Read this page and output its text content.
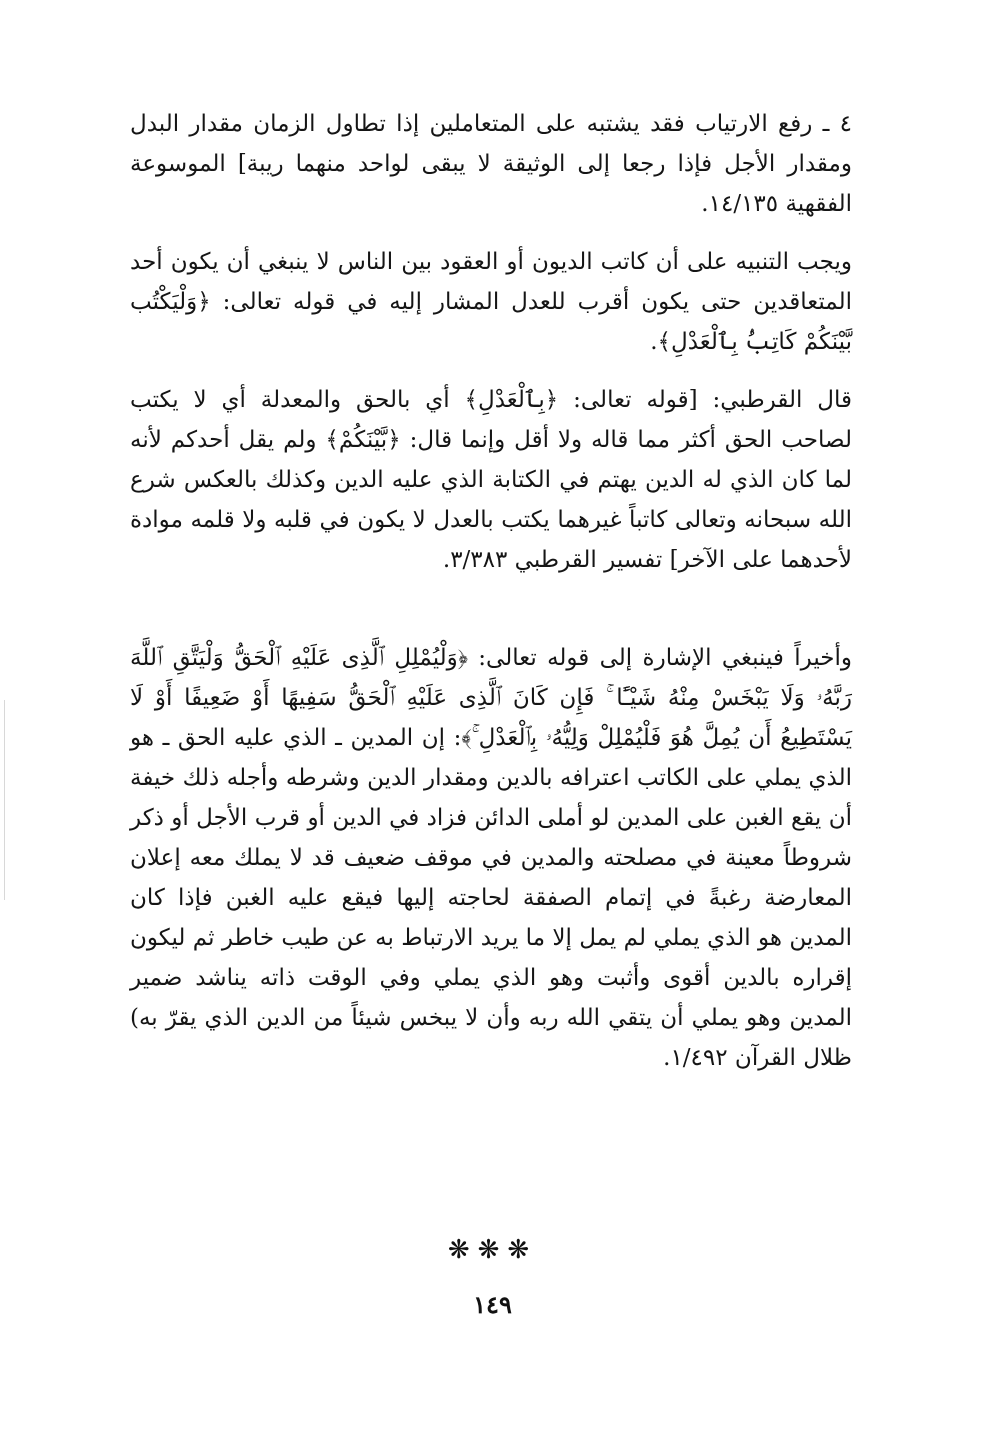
٤ ـ رفع الارتياب فقد يشتبه على المتعاملين إذا تطاول الزمان مقدار البدل ومقدار الأجل فإذا رجعا إلى الوثيقة لا يبقى لواحد منهما ريبة] الموسوعة الفقهية ١٤/١٣٥.

ويجب التنبيه على أن كاتب الديون أو العقود بين الناس لا ينبغي أن يكون أحد المتعاقدين حتى يكون أقرب للعدل المشار إليه في قوله تعالى: ﴿وَلْيَكْتُب بَّيْنَكُمْ كَاتِبُۢ بِٱلْعَدْلِ﴾.

قال القرطبي: [قوله تعالى: ﴿بِٱلْعَدْلِ﴾ أي بالحق والمعدلة أي لا يكتب لصاحب الحق أكثر مما قاله ولا أقل وإنما قال: ﴿بَّيْنَكُمْ﴾ ولم يقل أحدكم لأنه لما كان الذي له الدين يهتم في الكتابة الذي عليه الدين وكذلك بالعكس شرع الله سبحانه وتعالى كاتباً غيرهما يكتب بالعدل لا يكون في قلبه ولا قلمه موادة لأحدهما على الآخر] تفسير القرطبي ٣/٣٨٣.

وأخيراً فينبغي الإشارة إلى قوله تعالى: ﴿وَلْيُمْلِلِ ٱلَّذِى عَلَيْهِ ٱلْحَقُّ وَلْيَتَّقِ ٱللَّهَ رَبَّهُۥ وَلَا يَبْخَسْ مِنْهُ شَيْـًٔا ۚ فَإِن كَانَ ٱلَّذِى عَلَيْهِ ٱلْحَقُّ سَفِيهًا أَوْ ضَعِيفًا أَوْ لَا يَسْتَطِيعُ أَن يُمِلَّ هُوَ فَلْيُمْلِلْ وَلِيُّهُۥ بِٱلْعَدْلِ ۚ﴾: إن المدين ـ الذي عليه الحق ـ هو الذي يملي على الكاتب اعترافه بالدين ومقدار الدين وشرطه وأجله ذلك خيفة أن يقع الغبن على المدين لو أملى الدائن فزاد في الدين أو قرب الأجل أو ذكر شروطاً معينة في مصلحته والمدين في موقف ضعيف قد لا يملك معه إعلان المعارضة رغبةً في إتمام الصفقة لحاجته إليها فيقع عليه الغبن فإذا كان المدين هو الذي يملي لم يمل إلا ما يريد الارتباط به عن طيب خاطر ثم ليكون إقراره بالدين أقوى وأثبت وهو الذي يملي وفي الوقت ذاته يناشد ضمير المدين وهو يملي أن يتقي الله ربه وأن لا يبخس شيئاً من الدين الذي يقرّ به) ظلال القرآن ١/٤٩٢.

❋❋❋
١٤٩
